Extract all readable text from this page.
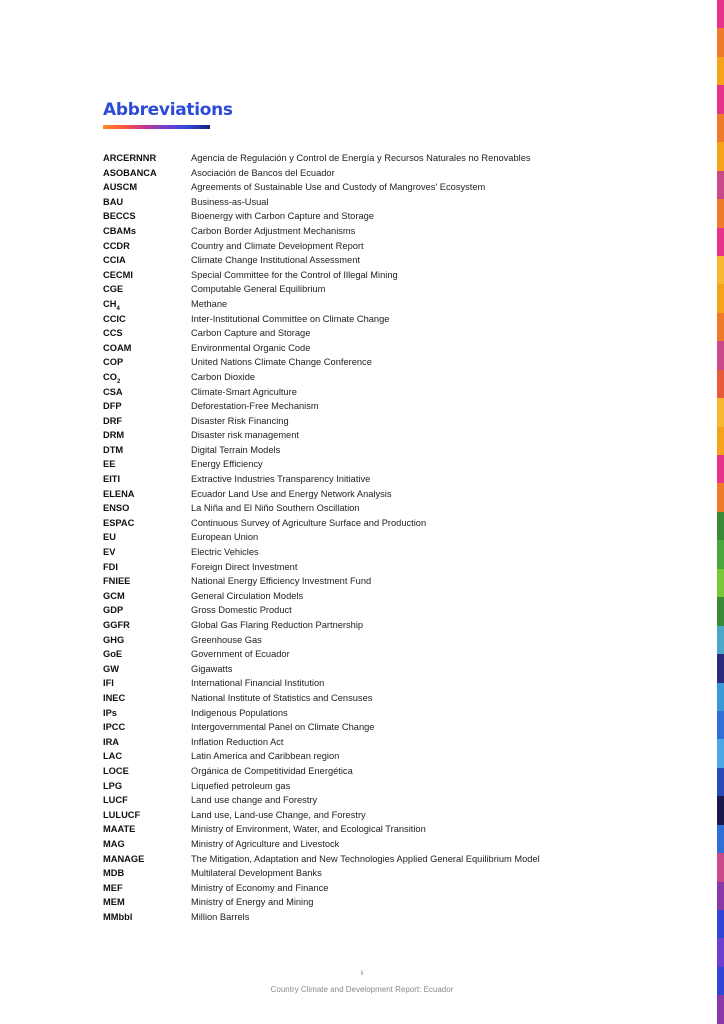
Abbreviations
ARCERNNR	Agencia de Regulación y Control de Energía y Recursos Naturales no Renovables
ASOBANCA	Asociación de Bancos del Ecuador
AUSCM	Agreements of Sustainable Use and Custody of Mangroves' Ecosystem
BAU	Business-as-Usual
BECCS	Bioenergy with Carbon Capture and Storage
CBAMs	Carbon Border Adjustment Mechanisms
CCDR	Country and Climate Development Report
CCIA	Climate Change Institutional Assessment
CECMI	Special Committee for the Control of Illegal Mining
CGE	Computable General Equilibrium
$CH_4$	Methane
CCIC	Inter-Institutional Committee on Climate Change
CCS	Carbon Capture and Storage
COAM	Environmental Organic Code
COP	United Nations Climate Change Conference
$CO_2$	Carbon Dioxide
CSA	Climate-Smart Agriculture
DFP	Deforestation-Free Mechanism
DRF	Disaster Risk Financing
DRM	Disaster risk management
DTM	Digital Terrain Models
EE	Energy Efficiency
EITI	Extractive Industries Transparency Initiative
ELENA	Ecuador Land Use and Energy Network Analysis
ENSO	La Niña and El Niño Southern Oscillation
ESPAC	Continuous Survey of Agriculture Surface and Production
EU	European Union
EV	Electric Vehicles
FDI	Foreign Direct Investment
FNIEE	National Energy Efficiency Investment Fund
GCM	General Circulation Models
GDP	Gross Domestic Product
GGFR	Global Gas Flaring Reduction Partnership
GHG	Greenhouse Gas
GoE	Government of Ecuador
GW	Gigawatts
IFI	International Financial Institution
INEC	National Institute of Statistics and Censuses
IPs	Indigenous Populations
IPCC	Intergovernmental Panel on Climate Change
IRA	Inflation Reduction Act
LAC	Latin America and Caribbean region
LOCE	Orgánica de Competitividad Energética
LPG	Liquefied petroleum gas
LUCF	Land use change and Forestry
LULUCF	Land use, Land-use Change, and Forestry
MAATE	Ministry of Environment, Water, and Ecological Transition
MAG	Ministry of Agriculture and Livestock
MANAGE	The Mitigation, Adaptation and New Technologies Applied General Equilibrium Model
MDB	Multilateral Development Banks
MEF	Ministry of Economy and Finance
MEM	Ministry of Energy and Mining
MMbbl	Million Barrels
ii
Country Climate and Development Report: Ecuador
